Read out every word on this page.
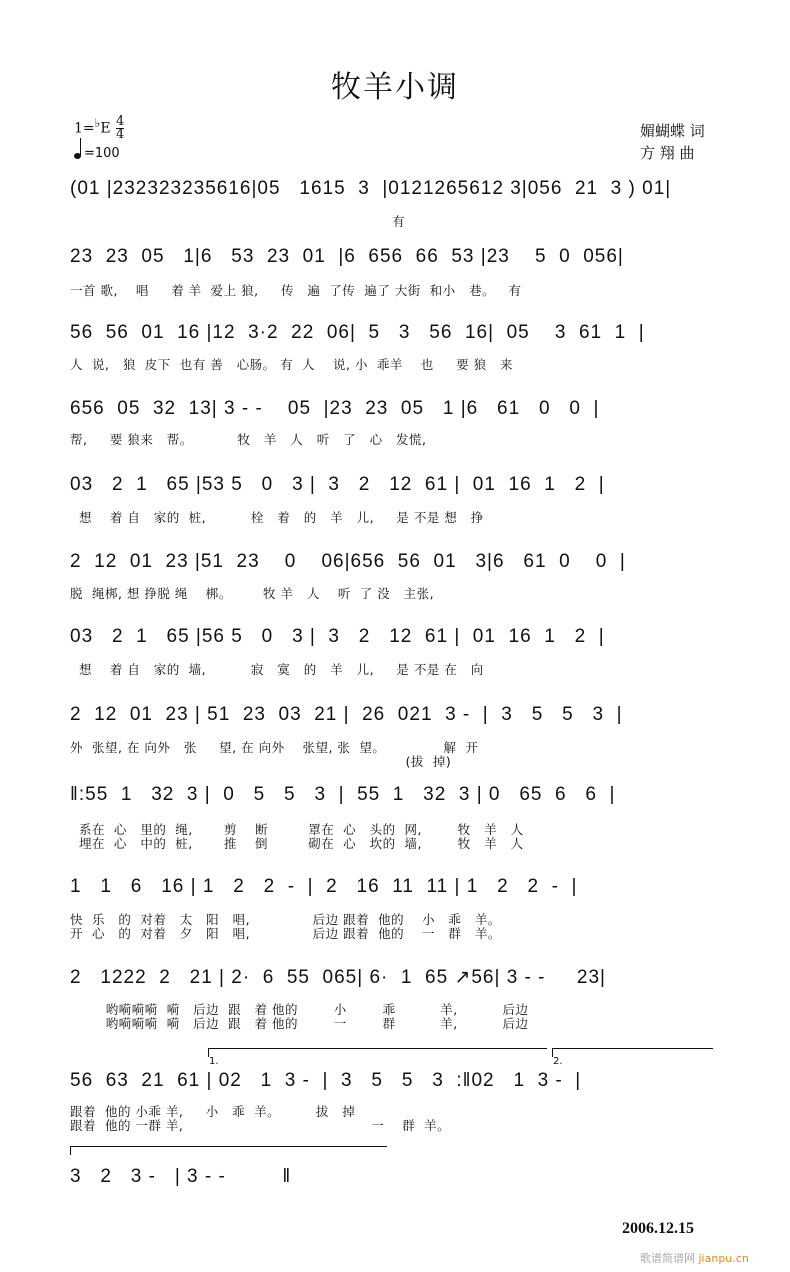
牧羊小调
1=♭E $\frac{4}{4}$
=100
媚蝴蝶 词
方 翔 曲
(01 |232323235616|05   1615  3  |0121265612 3|056  21  3 ) 01|
有
23  23  05   1|6   53  23  01  |6  656  66  53 |23    5  0  056|
一首 歌,    唱     着 羊  爱上 狼,     传   遍  了传  遍了 大街  和小   巷。   有
56  56  01  16 |12  3·2  22  06|  5   3   56  16|  05    3  61  1  |
人  说,   狼  皮下  也有 善   心肠。 有  人    说, 小  乖羊    也     要 狼   来
656  05  32  13| 3 - -    05  |23  23  05   1 |6   61   0   0  |
帮,     要 狼来   帮。          牧   羊   人   听   了   心   发慌,
03   2  1   65 |53 5   0   3 |  3   2   12  61 |  01  16  1   2  |
想    着 自   家的  桩,          栓   着   的   羊   儿,     是 不是 想   挣
2  12  01  23 |51  23    0    06|656  56  01   3|6   61  0    0  |
脱  绳梆, 想 挣脱 绳    梆。       牧 羊   人    听  了 没   主张,
03   2  1   65 |56 5   0   3 |  3   2   12  61 |  01  16  1   2  |
想    着 自   家的  墙,          寂   寞   的   羊   儿,     是 不是 在   向
2  12  01  23 | 51  23  03  21 |  26  021  3 -  |  3   5   5   3  |
外  张望, 在 向外   张     望, 在 向外    张望, 张  望。             解  开
(拔  掉)
‖:55  1   32  3 |  0   5   5   3  |  55  1   32  3 | 0   65  6   6  |
系在  心   里的  绳,       剪    断         罩在  心   头的  网,        牧   羊   人
埋在  心   中的  桩,       推    倒         砌在  心   坎的  墙,        牧   羊   人
1   1   6   16 | 1   2   2  -  |  2   16  11  11 | 1   2   2  -  |
快  乐   的  对着   太   阳   唱,              后边 跟着  他的    小   乖   羊。
开  心   的  对着   夕   阳   唱,              后边 跟着  他的    一   群   羊。
2   1222  2   21 | 2·  6  55  065| 6·  1  65 ↗56| 3 - -     23|
哟嗬嗬嗬  嗬   后边  跟   着 他的        小        乖          羊,          后边
哟嗬嗬嗬  嗬   后边  跟   着 他的        一        群          羊,          后边
1.	2.
56  63  21  61 | 02   1  3 -  |  3   5   5   3  :‖02   1  3 -  |
跟着  他的 小乖 羊,     小   乖  羊。        拔   掉
跟着  他的 一群 羊,                                          一    群  羊。
3   2   3 -   | 3 - -         ‖
2006.12.15
歌谱简谱网 jianpu.cn
